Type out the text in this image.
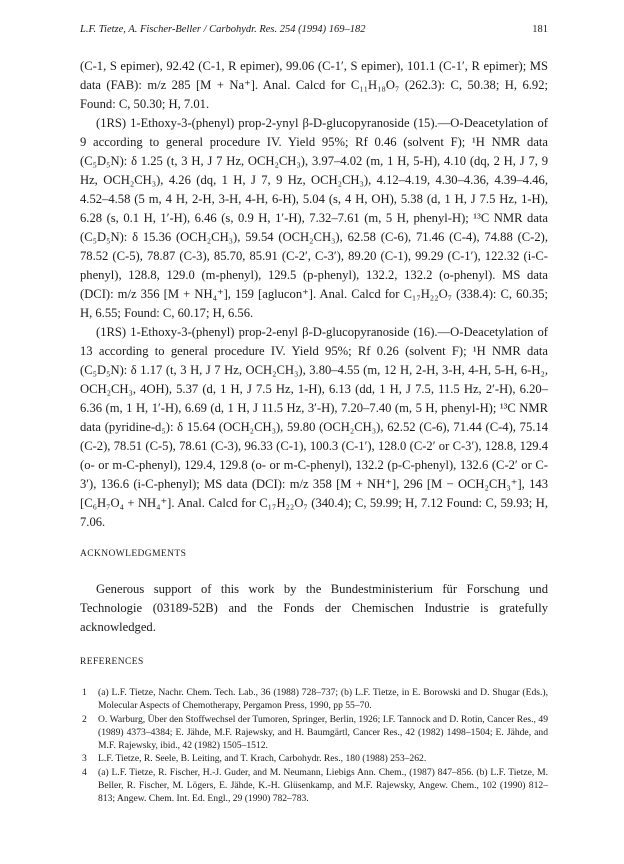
L.F. Tietze, A. Fischer-Beller / Carbohydr. Res. 254 (1994) 169–182	181

(C-1, S epimer), 92.42 (C-1, R epimer), 99.06 (C-1′, S epimer), 101.1 (C-1′, R epimer); MS data (FAB): m/z 285 [M + Na⁺]. Anal. Calcd for C₁₁H₁₈O₇ (262.3): C, 50.38; H, 6.92; Found: C, 50.30; H, 7.01.

(1RS) 1-Ethoxy-3-(phenyl) prop-2-ynyl β-D-glucopyranoside (15).—O-Deacetylation of 9 according to general procedure IV. Yield 95%; Rf 0.46 (solvent F); ¹H NMR data (C₅D₅N): δ 1.25 (t, 3 H, J 7 Hz, OCH₂CH₃), 3.97–4.02 (m, 1 H, 5-H), 4.10 (dq, 2 H, J 7, 9 Hz, OCH₂CH₃), 4.26 (dq, 1 H, J 7, 9 Hz, OCH₂CH₃), 4.12–4.19, 4.30–4.36, 4.39–4.46, 4.52–4.58 (5 m, 4 H, 2-H, 3-H, 4-H, 6-H), 5.04 (s, 4 H, OH), 5.38 (d, 1 H, J 7.5 Hz, 1-H), 6.28 (s, 0.1 H, 1′-H), 6.46 (s, 0.9 H, 1′-H), 7.32–7.61 (m, 5 H, phenyl-H); ¹³C NMR data (C₅D₅N): δ 15.36 (OCH₂CH₃), 59.54 (OCH₂CH₃), 62.58 (C-6), 71.46 (C-4), 74.88 (C-2), 78.52 (C-5), 78.87 (C-3), 85.70, 85.91 (C-2′, C-3′), 89.20 (C-1), 99.29 (C-1′), 122.32 (i-C-phenyl), 128.8, 129.0 (m-phenyl), 129.5 (p-phenyl), 132.2, 132.2 (o-phenyl). MS data (DCI): m/z 356 [M + NH₄⁺], 159 [aglucon⁺]. Anal. Calcd for C₁₇H₂₂O₇ (338.4): C, 60.35; H, 6.55; Found: C, 60.17; H, 6.56.

(1RS) 1-Ethoxy-3-(phenyl) prop-2-enyl β-D-glucopyranoside (16).—O-Deacetylation of 13 according to general procedure IV. Yield 95%; Rf 0.26 (solvent F); ¹H NMR data (C₅D₅N): δ 1.17 (t, 3 H, J 7 Hz, OCH₂CH₃), 3.80–4.55 (m, 12 H, 2-H, 3-H, 4-H, 5-H, 6-H₂, OCH₂CH₃, 4OH), 5.37 (d, 1 H, J 7.5 Hz, 1-H), 6.13 (dd, 1 H, J 7.5, 11.5 Hz, 2′-H), 6.20–6.36 (m, 1 H, 1′-H), 6.69 (d, 1 H, J 11.5 Hz, 3′-H), 7.20–7.40 (m, 5 H, phenyl-H); ¹³C NMR data (pyridine-d₅): δ 15.64 (OCH₂CH₃), 59.80 (OCH₂CH₃), 62.52 (C-6), 71.44 (C-4), 75.14 (C-2), 78.51 (C-5), 78.61 (C-3), 96.33 (C-1), 100.3 (C-1′), 128.0 (C-2′ or C-3′), 128.8, 129.4 (o- or m-C-phenyl), 129.4, 129.8 (o- or m-C-phenyl), 132.2 (p-C-phenyl), 132.6 (C-2′ or C-3′), 136.6 (i-C-phenyl); MS data (DCI): m/z 358 [M + NH⁺], 296 [M − OCH₂CH₃⁺], 143 [C₆H₇O₄ + NH₄⁺]. Anal. Calcd for C₁₇H₂₂O₇ (340.4); C, 59.99; H, 7.12 Found: C, 59.93; H, 7.06.

ACKNOWLEDGMENTS
Generous support of this work by the Bundestministerium für Forschung und Technologie (03189-52B) and the Fonds der Chemischen Industrie is gratefully acknowledged.
REFERENCES

1 (a) L.F. Tietze, Nachr. Chem. Tech. Lab., 36 (1988) 728–737; (b) L.F. Tietze, in E. Borowski and D. Shugar (Eds.), Molecular Aspects of Chemotherapy, Pergamon Press, 1990, pp 55–70.

2 O. Warburg, Über den Stoffwechsel der Tumoren, Springer, Berlin, 1926; I.F. Tannock and D. Rotin, Cancer Res., 49 (1989) 4373–4384; E. Jähde, M.F. Rajewsky, and H. Baumgärtl, Cancer Res., 42 (1982) 1498–1504; E. Jähde, and M.F. Rajewsky, ibid., 42 (1982) 1505–1512.

3 L.F. Tietze, R. Seele, B. Leiting, and T. Krach, Carbohydr. Res., 180 (1988) 253–262.

4 (a) L.F. Tietze, R. Fischer, H.-J. Guder, and M. Neumann, Liebigs Ann. Chem., (1987) 847–856. (b) L.F. Tietze, M. Beller, R. Fischer, M. Lögers, E. Jähde, K.-H. Glüsenkamp, and M.F. Rajewsky, Angew. Chem., 102 (1990) 812–813; Angew. Chem. Int. Ed. Engl., 29 (1990) 782–783.
